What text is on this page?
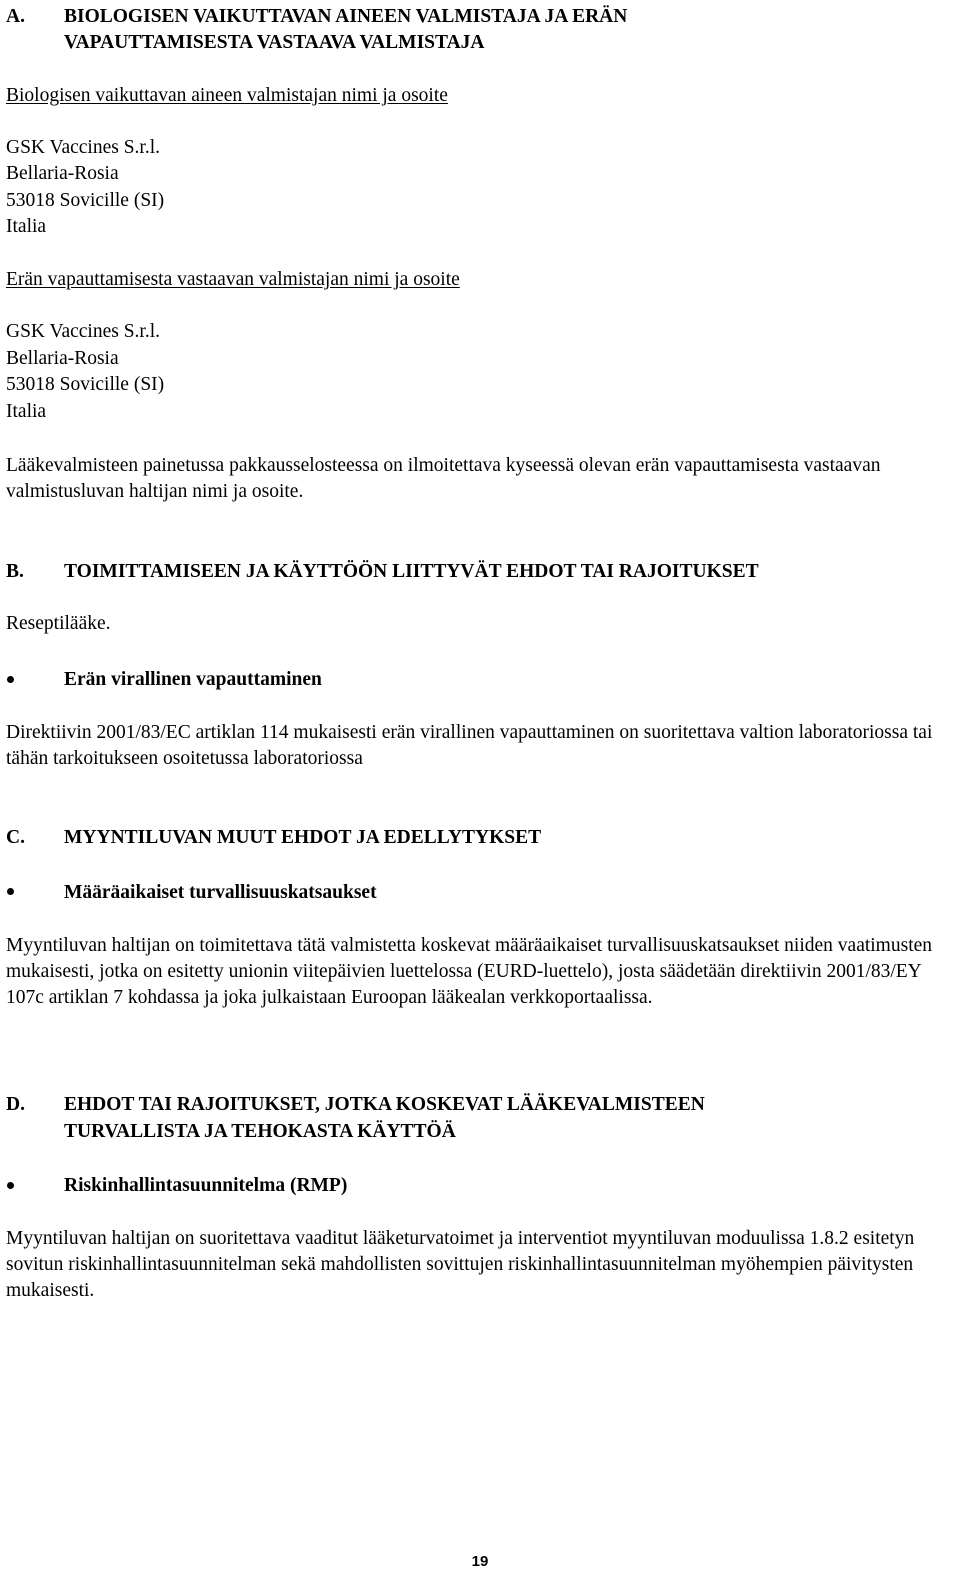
A. BIOLOGISEN VAIKUTTAVAN AINEEN VALMISTAJA JA ERÄN
VAPAUTTAMISESTA VASTAAVA VALMISTAJA
Biologisen vaikuttavan aineen valmistajan nimi ja osoite
GSK Vaccines S.r.l.
Bellaria-Rosia
53018 Sovicille (SI)
Italia
Erän vapauttamisesta vastaavan valmistajan nimi ja osoite
GSK Vaccines S.r.l.
Bellaria-Rosia
53018 Sovicille (SI)
Italia
Lääkevalmisteen painetussa pakkausselosteessa on ilmoitettava kyseessä olevan erän vapauttamisesta vastaavan valmistusluvan haltijan nimi ja osoite.
B. TOIMITTAMISEEN JA KÄYTTÖÖN LIITTYVÄT EHDOT TAI RAJOITUKSET
Reseptilääke.
Erän virallinen vapauttaminen
Direktiivin 2001/83/EC artiklan 114 mukaisesti erän virallinen vapauttaminen on suoritettava valtion laboratoriossa tai tähän tarkoitukseen osoitetussa laboratoriossa
C. MYYNTILUVAN MUUT EHDOT JA EDELLYTYKSET
Määräaikaiset turvallisuuskatsaukset
Myyntiluvan haltijan on toimitettava tätä valmistetta koskevat määräaikaiset turvallisuuskatsaukset niiden vaatimusten mukaisesti, jotka on esitetty unionin viitepäivien luettelossa (EURD-luettelo), josta säädetään direktiivin 2001/83/EY 107c artiklan 7 kohdassa ja joka julkaistaan Euroopan lääkealan verkkoportaalissa.
D. EHDOT TAI RAJOITUKSET, JOTKA KOSKEVAT LÄÄKEVALMISTEEN
TURVALLISTA JA TEHOKASTA KÄYTTÖÄ
Riskinhallintasuunnitelma (RMP)
Myyntiluvan haltijan on suoritettava vaaditut lääketurvatoimet ja interventiot myyntiluvan moduulissa 1.8.2 esitetyn sovitun riskinhallintasuunnitelman sekä mahdollisten sovittujen riskinhallintasuunnitelman myöhempien päivitysten mukaisesti.
19
